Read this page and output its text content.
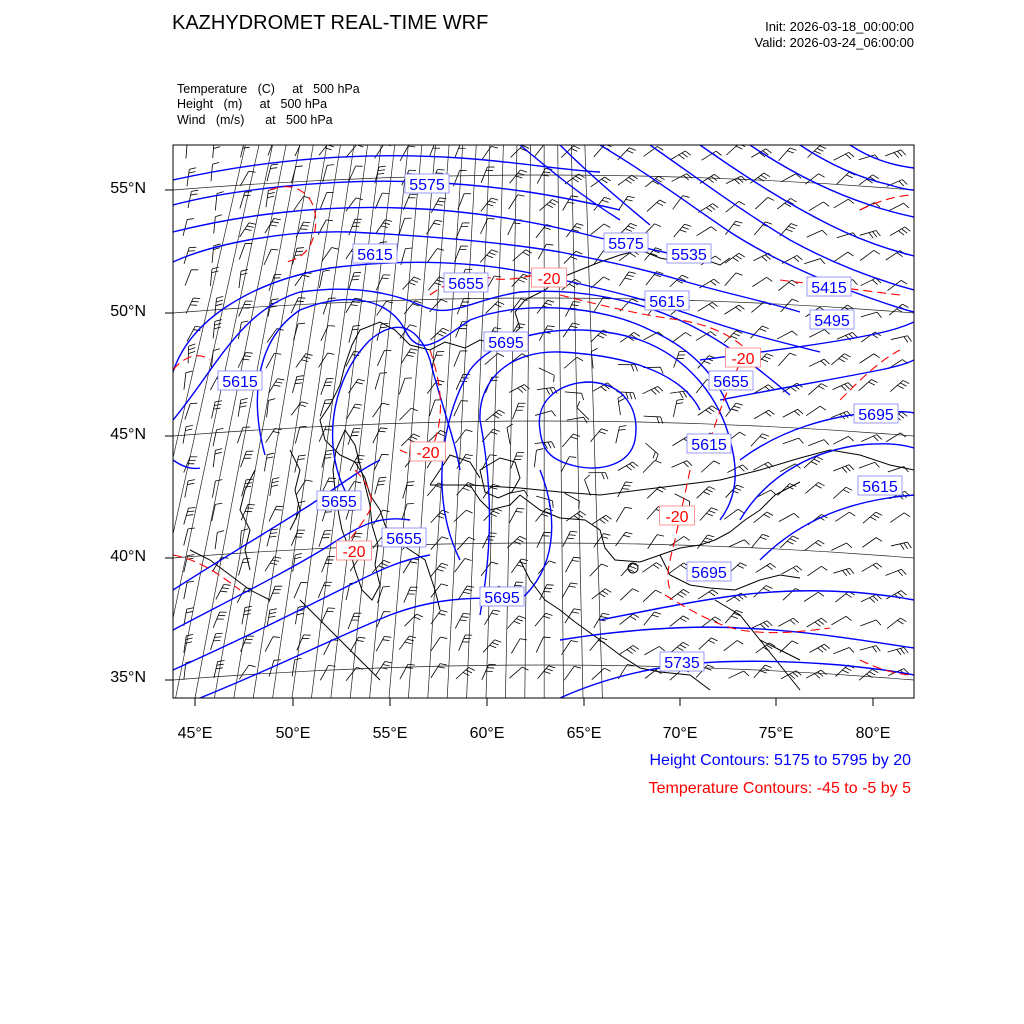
5575
5615
5655
5695
5575
5535
5615
5415
5495
5615	5655
5695
5615
5655
5615
5655
5695
5695
5735
-20
-20
-20
-20
-20
KAZHYDROMET REAL-TIME WRF	Init: 2026-03-18_00:00:00
Valid: 2026-03-24_06:00:00
Temperature   (C)     at   500 hPa
Height   (m)     at   500 hPa
Wind   (m/s)      at   500 hPa
55°N
50°N
45°N
40°N
35°N
45°E	50°E	55°E	60°E	65°E	70°E	75°E	80°E
Height Contours: 5175 to 5795 by 20
Temperature Contours: -45 to -5 by 5
